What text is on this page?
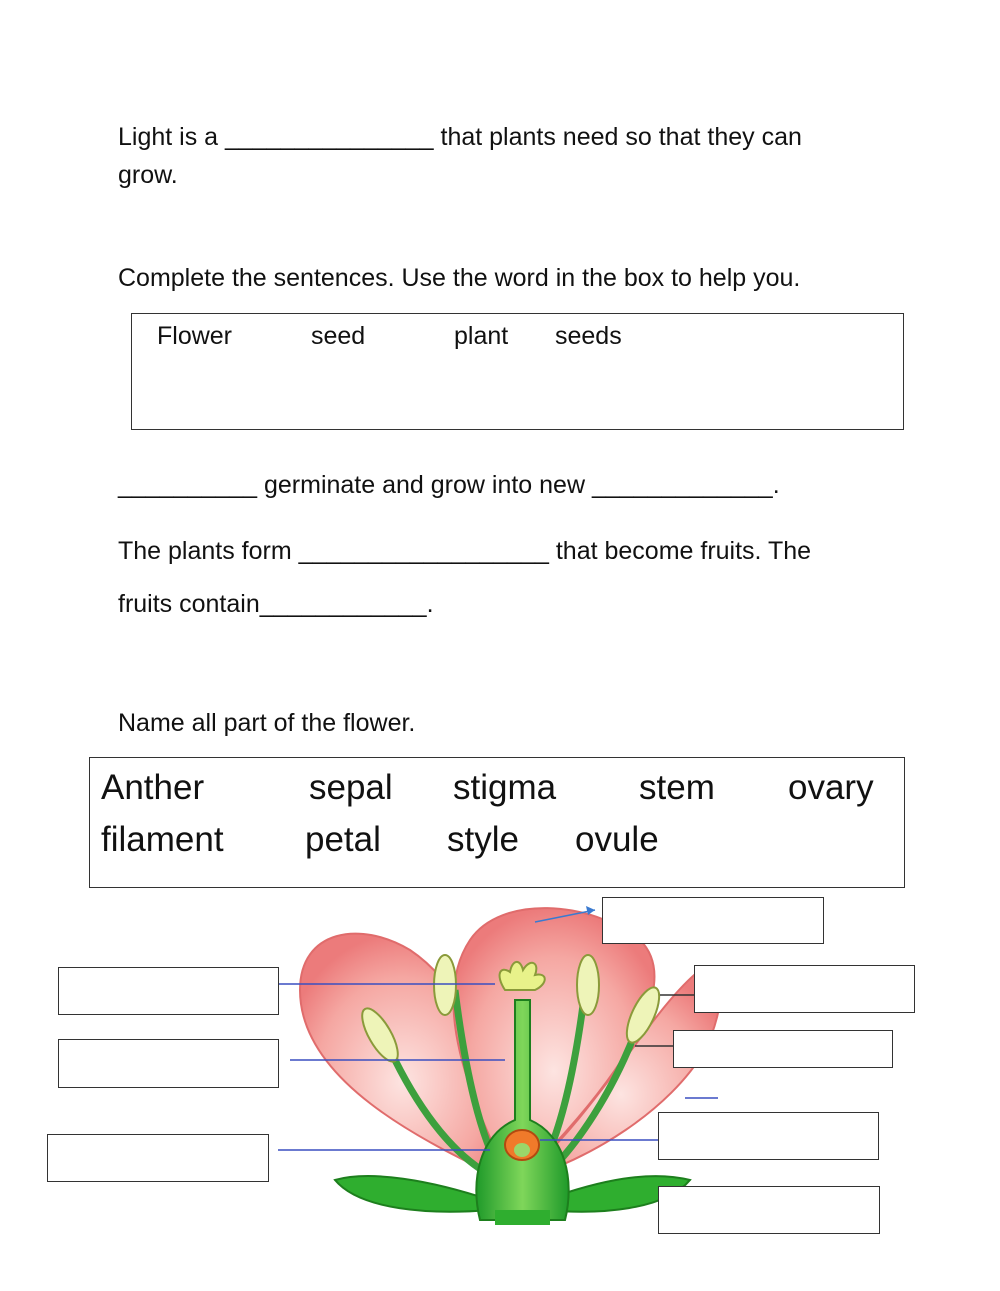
Light is a _______________ that plants need so that they can
grow.
Complete the sentences. Use the word in the box to help you.
Flower	seed	plant seeds
__________ germinate and grow into new _____________.
The plants form __________________ that become fruits. The
fruits contain____________.
Name all part of the flower.
Anther	sepal stigma stem ovary
filament petal style ovule
